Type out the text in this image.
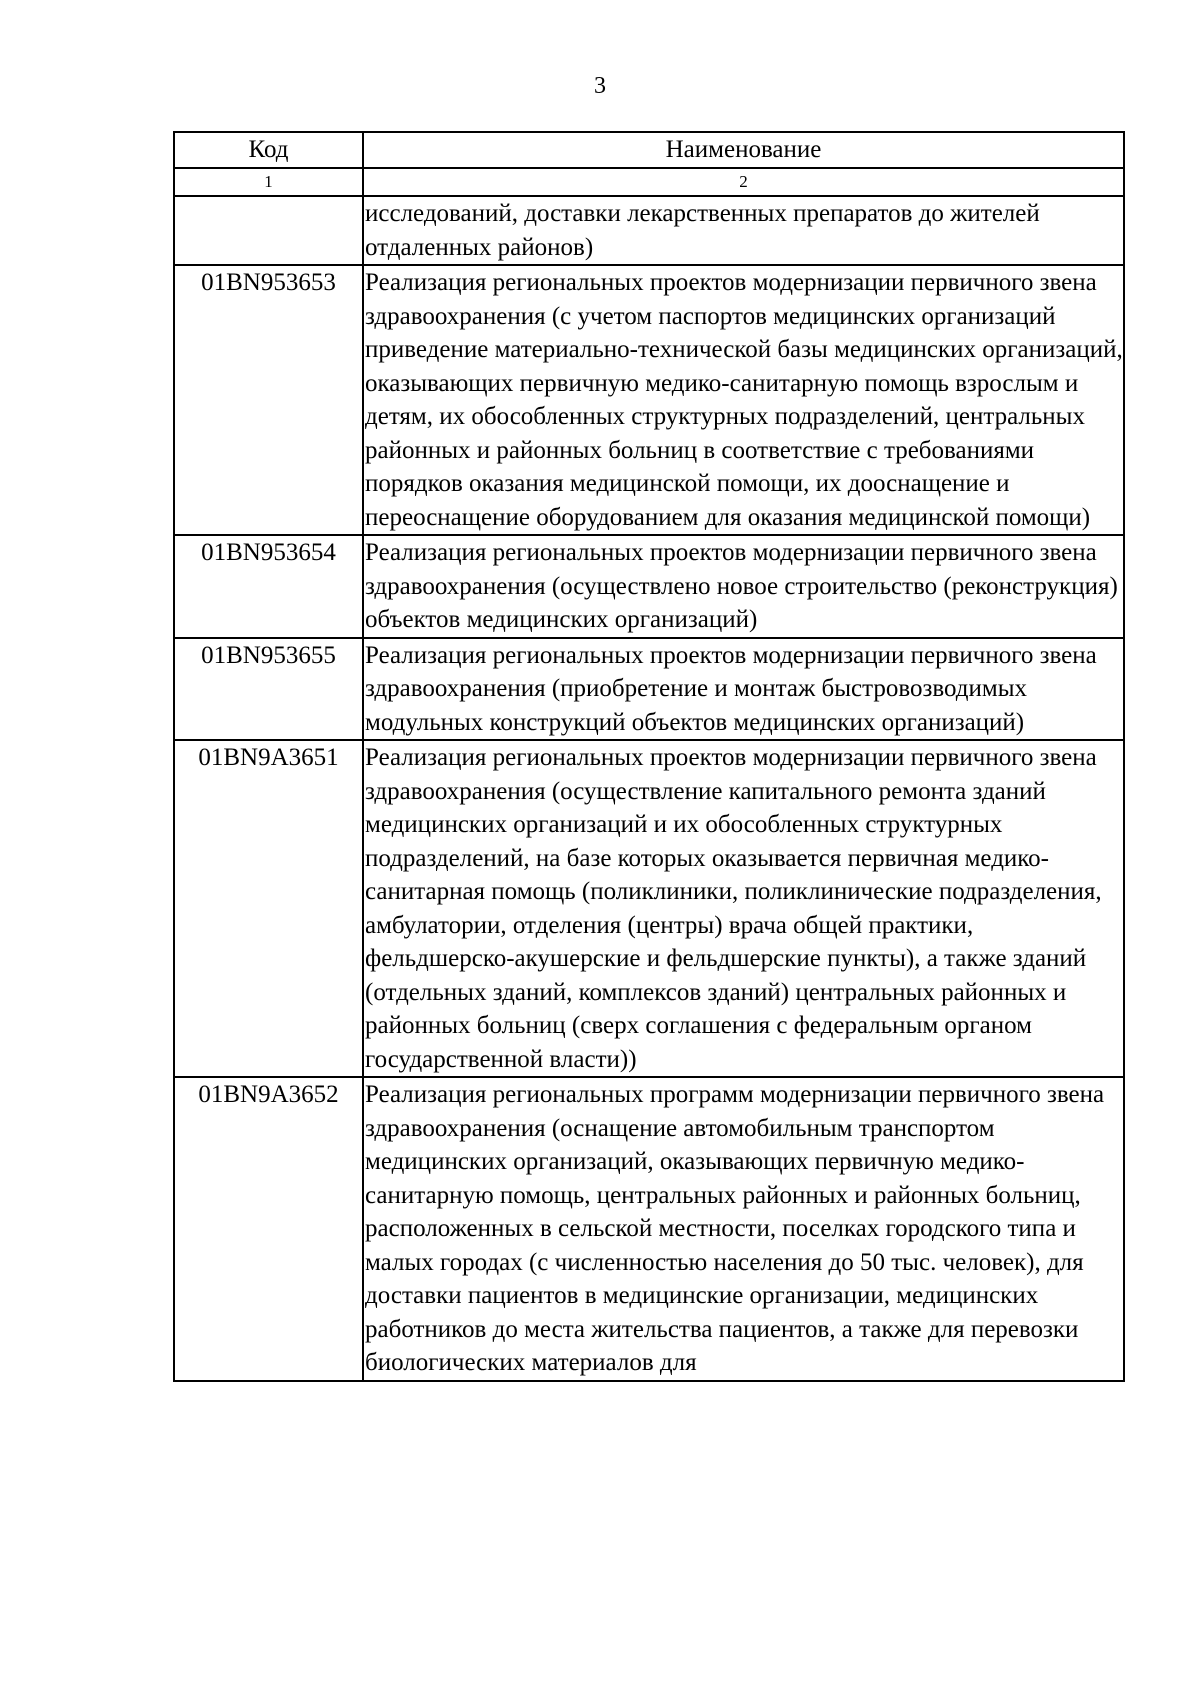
3
Код	Наименование
1	2
	исследований, доставки лекарственных препаратов до жителей отдаленных районов)
01BN953653	Реализация региональных проектов модернизации первичного звена здравоохранения (с учетом паспортов медицинских организаций приведение материально-технической базы медицинских организаций, оказывающих первичную медико-санитарную помощь взрослым и детям, их обособленных структурных подразделений, центральных районных и районных больниц в соответствие с требованиями порядков оказания медицинской помощи, их дооснащение и переоснащение оборудованием для оказания медицинской помощи)
01BN953654	Реализация региональных проектов модернизации первичного звена здравоохранения (осуществлено новое строительство (реконструкция) объектов медицинских организаций)
01BN953655	Реализация региональных проектов модернизации первичного звена здравоохранения (приобретение и монтаж быстровозводимых модульных конструкций объектов медицинских организаций)
01BN9A3651	Реализация региональных проектов модернизации первичного звена здравоохранения (осуществление капитального ремонта зданий медицинских организаций и их обособленных структурных подразделений, на базе которых оказывается первичная медико-санитарная помощь (поликлиники, поликлинические подразделения, амбулатории, отделения (центры) врача общей практики, фельдшерско-акушерские и фельдшерские пункты), а также зданий (отдельных зданий, комплексов зданий) центральных районных и районных больниц (сверх соглашения с федеральным органом государственной власти))
01BN9A3652	Реализация региональных программ модернизации первичного звена здравоохранения (оснащение автомобильным транспортом медицинских организаций, оказывающих первичную медико-санитарную помощь, центральных районных и районных больниц, расположенных в сельской местности, поселках городского типа и малых городах (с численностью населения до 50 тыс. человек), для доставки пациентов в медицинские организации, медицинских работников до места жительства пациентов, а также для перевозки биологических материалов для
